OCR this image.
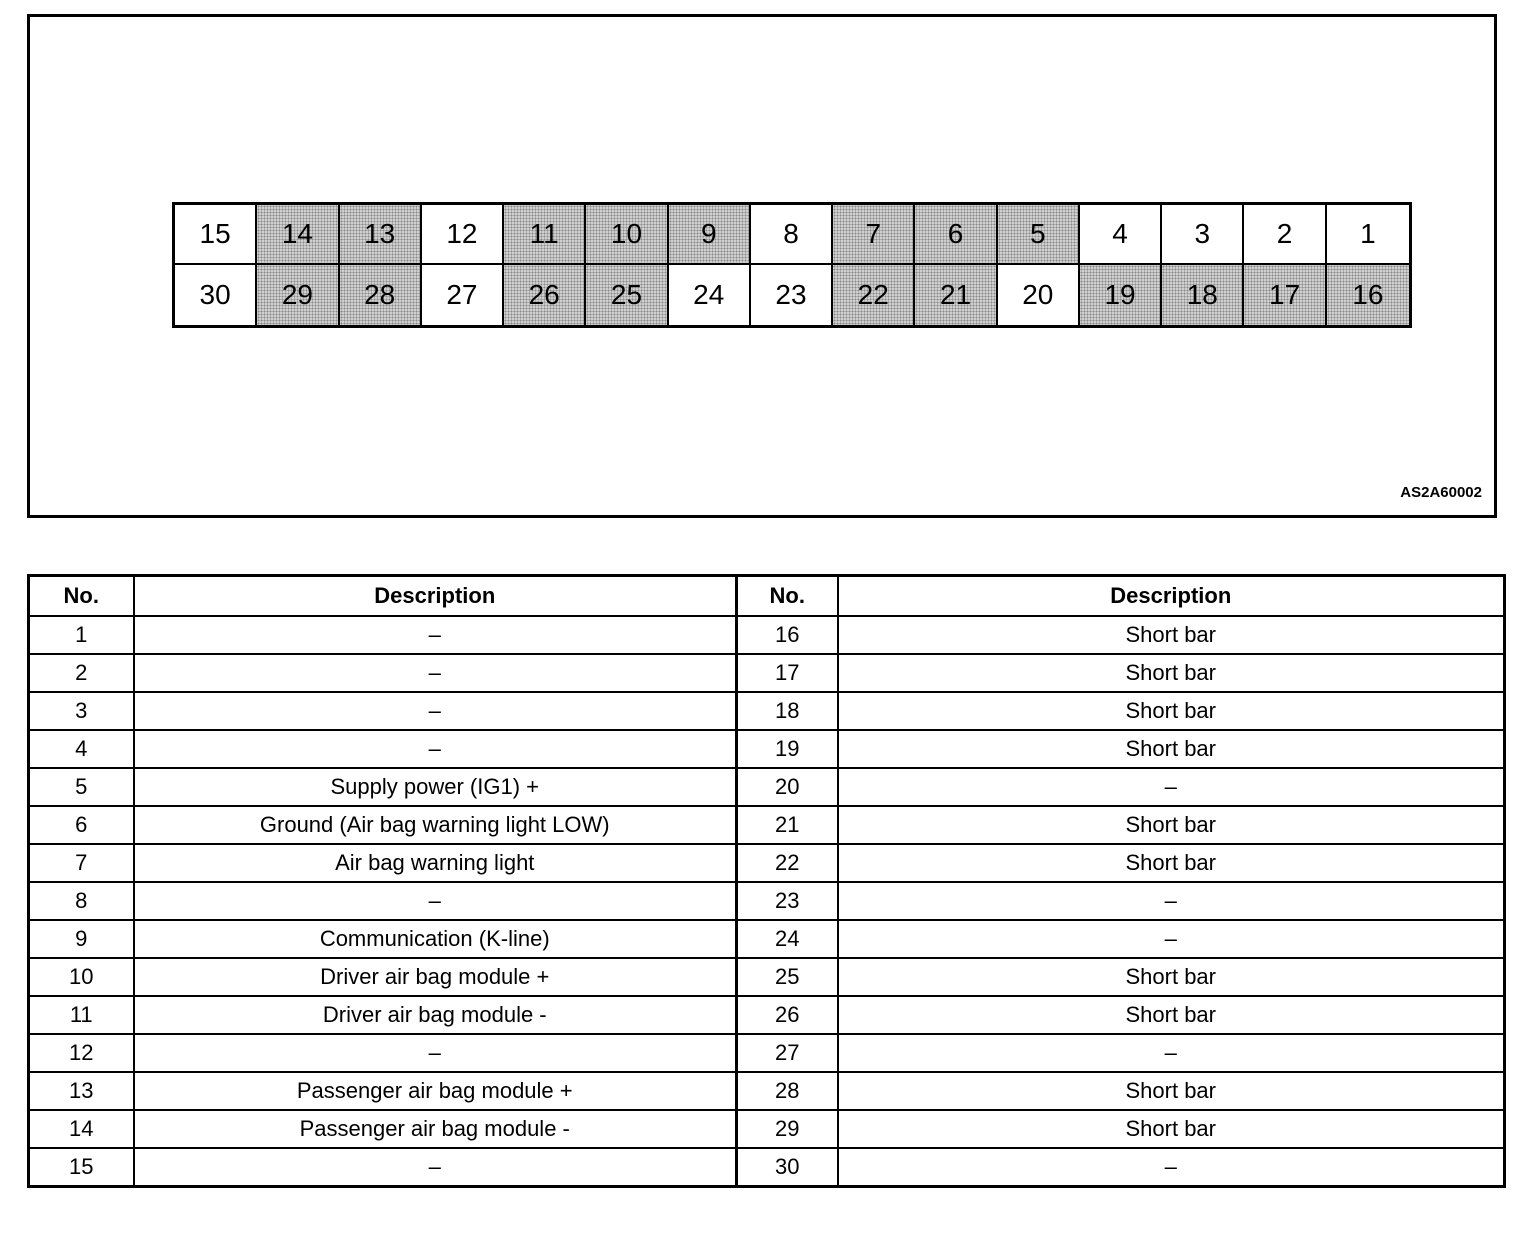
15	14	13	12	11	10	9	8	7	6	5	4	3	2	1
30	29	28	27	26	25	24	23	22	21	20	19	18	17	16
AS2A60002
No.	Description	No.	Description
1	–	16	Short bar
2	–	17	Short bar
3	–	18	Short bar
4	–	19	Short bar
5	Supply power (IG1) +	20	–
6	Ground (Air bag warning light LOW)	21	Short bar
7	Air bag warning light	22	Short bar
8	–	23	–
9	Communication (K-line)	24	–
10	Driver air bag module +	25	Short bar
11	Driver air bag module -	26	Short bar
12	–	27	–
13	Passenger air bag module +	28	Short bar
14	Passenger air bag module -	29	Short bar
15	–	30	–
